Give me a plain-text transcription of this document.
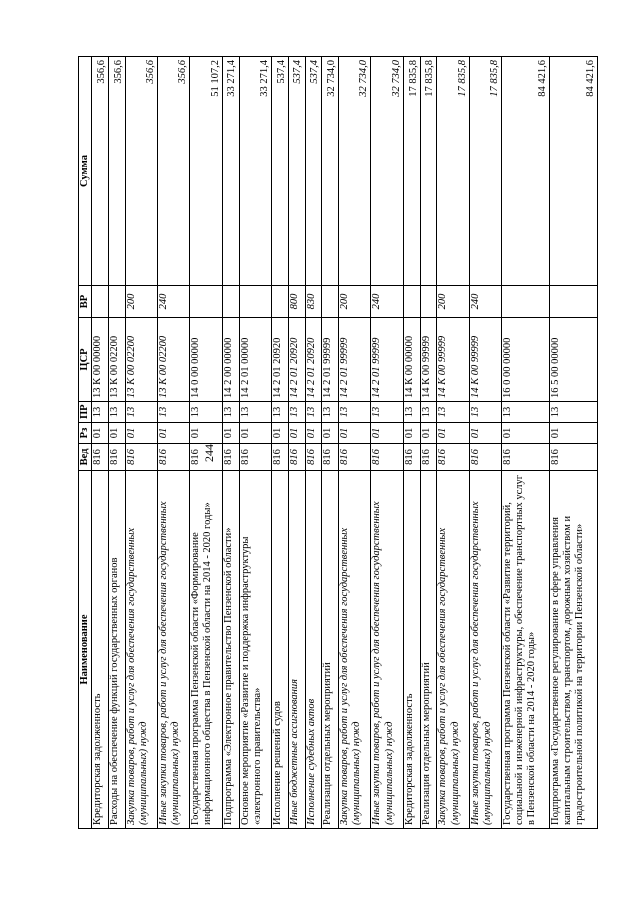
244
Наименование	Вед	Рз	ПР	ЦСР	ВР	Сумма
Кредиторская задолженность	816	01	13	13 К 00 00000		356,6
Расходы на обеспечение функций государственных органов	816	01	13	13 К 00 02200		356,6
Закупка товаров, работ и услуг для обеспечения государственных (муниципальных) нужд	816	01	13	13 К 00 02200	200	356,6
Иные закупки товаров, работ и услуг для обеспечения государственных (муниципальных) нужд	816	01	13	13 К 00 02200	240	356,6
Государственная программа Пензенской области «Формирование информационного общества в Пензенской области на 2014 - 2020 годы»	816	01	13	14 0 00 00000		51 107,2
Подпрограмма «Электронное правительство Пензенской области»	816	01	13	14 2 00 00000		33 271,4
Основное мероприятие «Развитие и поддержка инфраструктуры «электронного правительства»	816	01	13	14 2 01 00000		33 271,4
Исполнение решений судов	816	01	13	14 2 01 20920		537,4
Иные бюджетные ассигнования	816	01	13	14 2 01 20920	800	537,4
Исполнение судебных актов	816	01	13	14 2 01 20920	830	537,4
Реализация отдельных мероприятий	816	01	13	14 2 01 99999		32 734,0
Закупка товаров, работ и услуг для обеспечения государственных (муниципальных) нужд	816	01	13	14 2 01 99999	200	32 734,0
Иные закупки товаров, работ и услуг для обеспечения государственных (муниципальных) нужд	816	01	13	14 2 01 99999	240	32 734,0
Кредиторская задолженность	816	01	13	14 К 00 00000		17 835,8
Реализация отдельных мероприятий	816	01	13	14 К 00 99999		17 835,8
Закупка товаров, работ и услуг для обеспечения государственных (муниципальных) нужд	816	01	13	14 К 00 99999	200	17 835,8
Иные закупки товаров, работ и услуг для обеспечения государственных (муниципальных) нужд	816	01	13	14 К 00 99999	240	17 835,8
Государственная программа Пензенской области «Развитие территорий, социальной и инженерной инфраструктуры, обеспечение транспортных услуг в Пензенской области на 2014 - 2020 годы»	816	01	13	16 0 00 00000		84 421,6
Подпрограмма «Государственное регулирование в сфере управления капитальным строительством, транспортом, дорожным хозяйством и градостроительной политикой на территории Пензенской области»	816	01	13	16 5 00 00000		84 421,6
